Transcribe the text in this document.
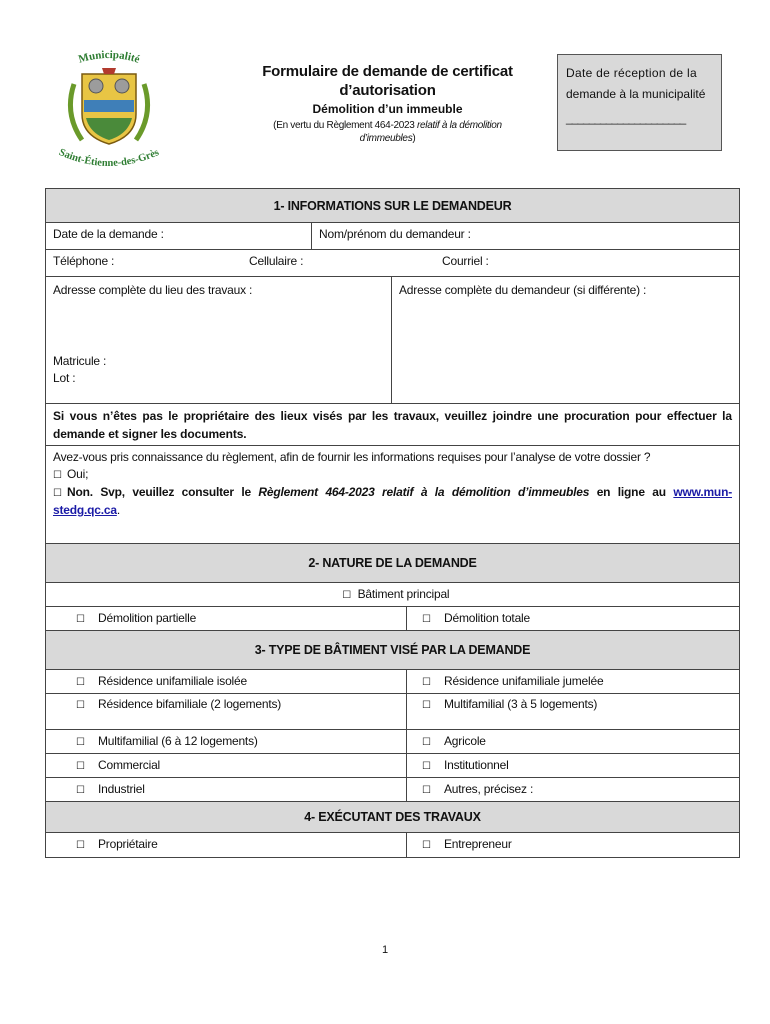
Municipalité
Saint-Étienne-des-Grès
Formulaire de demande de certificat
d’autorisation
Démolition d’un immeuble
(En vertu du Règlement 464-2023 relatif à la démolition
d’immeubles)
Date de réception de la
demande à la municipalité
_____________________
1- INFORMATIONS SUR LE DEMANDEUR
Date de la demande :	Nom/prénom du demandeur :
Téléphone :	Cellulaire :	Courriel :
Adresse complète du lieu des travaux :
Matricule :
Lot :
Adresse complète du demandeur (si différente) :
Si vous n’êtes pas le propriétaire des lieux visés par les travaux, veuillez joindre une procuration pour effectuer la demande et signer les documents.
Avez-vous pris connaissance du règlement, afin de fournir les informations requises pour l’analyse de votre dossier ?
☐ Oui;
☐ Non. Svp, veuillez consulter le Règlement 464-2023 relatif à la démolition d’immeubles en ligne au www.mun-stedg.qc.ca.
2- NATURE DE LA DEMANDE
☐ Bâtiment principal
☐ Démolition partielle	☐ Démolition totale
3- TYPE DE BÂTIMENT VISÉ PAR LA DEMANDE
☐ Résidence unifamiliale isolée	☐ Résidence unifamiliale jumelée
☐ Résidence bifamiliale (2 logements)	☐ Multifamilial (3 à 5 logements)
☐ Multifamilial (6 à 12 logements)	☐ Agricole
☐ Commercial	☐ Institutionnel
☐ Industriel	☐ Autres, précisez :
4- EXÉCUTANT DES TRAVAUX
☐ Propriétaire	☐ Entrepreneur
1
